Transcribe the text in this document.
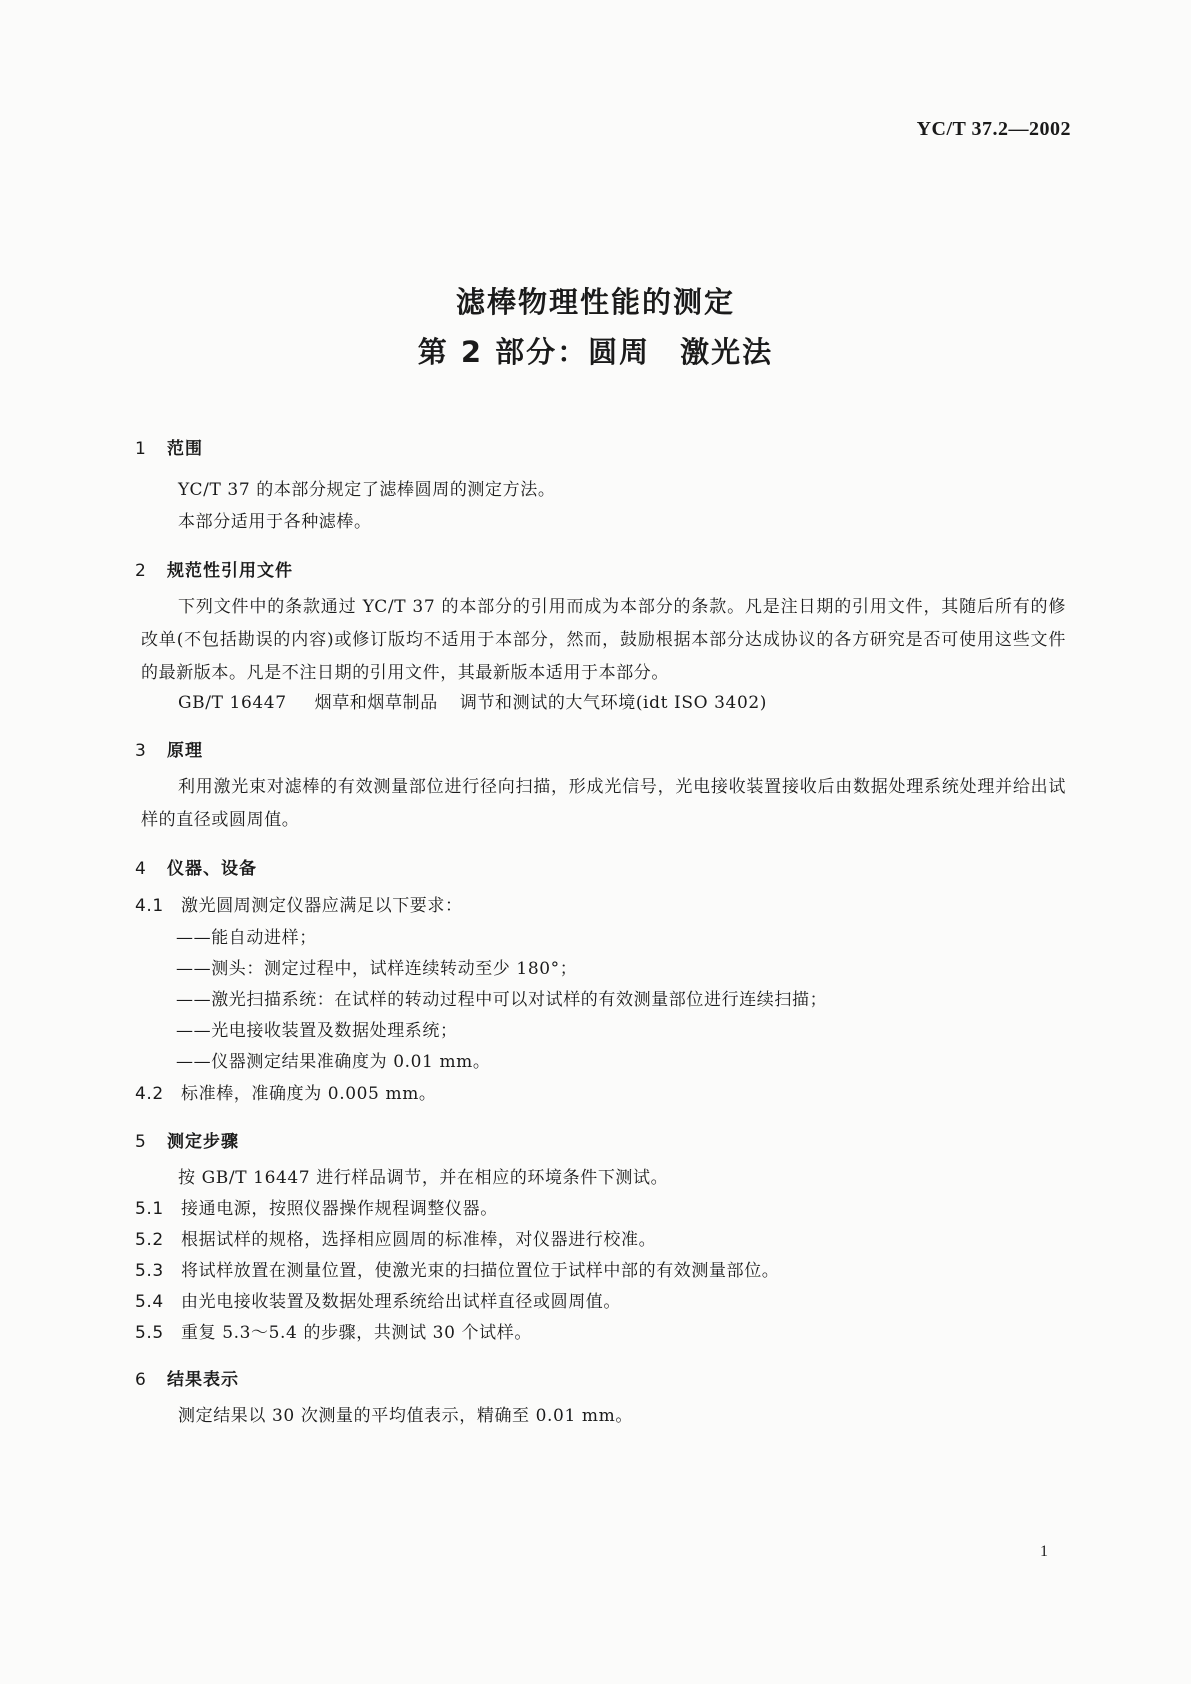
YC/T 37.2—2002
滤棒物理性能的测定
第 2 部分：圆周 激光法
1 范围
YC/T 37 的本部分规定了滤棒圆周的测定方法。
本部分适用于各种滤棒。
2 规范性引用文件
下列文件中的条款通过 YC/T 37 的本部分的引用而成为本部分的条款。凡是注日期的引用文件，其随后所有的修改单(不包括勘误的内容)或修订版均不适用于本部分，然而，鼓励根据本部分达成协议的各方研究是否可使用这些文件的最新版本。凡是不注日期的引用文件，其最新版本适用于本部分。
GB/T 16447 烟草和烟草制品 调节和测试的大气环境(idt ISO 3402)
3 原理
利用激光束对滤棒的有效测量部位进行径向扫描，形成光信号，光电接收装置接收后由数据处理系统处理并给出试样的直径或圆周值。
4 仪器、设备
4.1 激光圆周测定仪器应满足以下要求：
——能自动进样；
——测头：测定过程中，试样连续转动至少 180°；
——激光扫描系统：在试样的转动过程中可以对试样的有效测量部位进行连续扫描；
——光电接收装置及数据处理系统；
——仪器测定结果准确度为 0.01 mm。
4.2 标准棒，准确度为 0.005 mm。
5 测定步骤
按 GB/T 16447 进行样品调节，并在相应的环境条件下测试。
5.1 接通电源，按照仪器操作规程调整仪器。
5.2 根据试样的规格，选择相应圆周的标准棒，对仪器进行校准。
5.3 将试样放置在测量位置，使激光束的扫描位置位于试样中部的有效测量部位。
5.4 由光电接收装置及数据处理系统给出试样直径或圆周值。
5.5 重复 5.3～5.4 的步骤，共测试 30 个试样。
6 结果表示
测定结果以 30 次测量的平均值表示，精确至 0.01 mm。
1
